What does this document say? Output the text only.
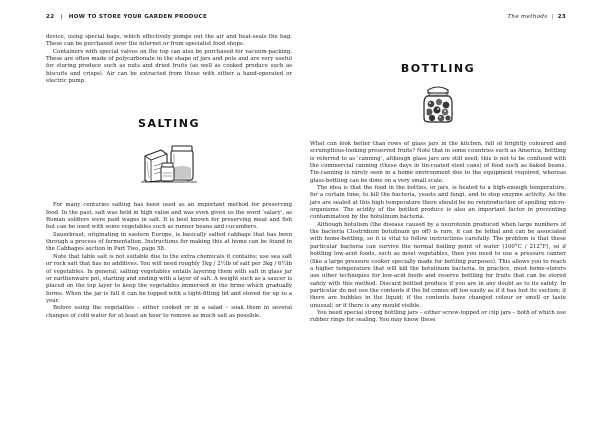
22 | HOW TO STORE YOUR GARDEN PRODUCE

device, using special bags, which effectively pumps out the air and heat-seals the bag. These can be purchased over the internet or from specialist food shops.

Containers with special valves on the top can also be purchased for vacuum-packing. These are often made of polycarbonate in the shape of jars and pots and are very useful for storing produce such as nuts and dried fruits (as well as cooked produce such as biscuits and crisps). Air can be extracted from these with either a hand-operated or electric pump.

SALTING

For many centuries salting has been used as an important method for preserving food. In the past, salt was held in high value and was even given us the word ‘salary’, as Roman soldiers were paid wages in salt. It is best known for preserving meat and fish but can be used with some vegetables such as runner beans and cucumbers.

Sauerkraut, originating in eastern Europe, is basically salted cabbage that has been through a process of fermentation. Instructions for making this at home can be found in the Cabbages section in Part Two, page 58.

Note that table salt is not suitable due to the extra chemicals it contains; use sea salt or rock salt that has no additives. You will need roughly 1kg / 2½lb of salt per 3kg / 6½lb of vegetables. In general, salting vegetables entails layering them with salt in glass jar or earthenware pot, starting and ending with a layer of salt. A weight such as a saucer is placed on the top layer to keep the vegetables immersed in the brine which gradually forms. When the jar is full it can be topped with a tight-fitting lid and stored for up to a year.

Before using the vegetables – either cooked or in a salad – soak them in several changes of cold water for at least an hour to remove as much salt as possible.

The methods | 23
BOTTLING

What can look better than rows of glass jars in the kitchen, full of brightly coloured and scrumptious-looking preserved fruits? Note that in some countries such as America, bottling is referred to as ‘canning’, although glass jars are still used; this is not to be confused with the commercial canning (these days in tin-coated steel cans) of food such as baked beans. Tin-canning is rarely seen in a home environment due to the equipment required, whereas glass-bottling can be done on a very small scale.

The idea is that the food in the bottles, or jars, is heated to a high-enough temperature, for a certain time, to kill the bacteria, yeasts and fungi, and to stop enzyme activity. As the jars are sealed at this high temperature there should be no reintroduction of spoiling micro-organisms. The acidity of the bottled produce is also an important factor in preventing contamination by the botulinum bacteria.

Although botulism (the disease caused by a neurotoxin produced when large numbers of the bacteria Clostridium botulinum go off) is rare, it can be lethal and can be associated with home-bottling, so it is vital to follow instructions carefully. The problem is that these particular bacteria can survive the normal boiling point of water (100°C / 212°F), so if bottling low-acid foods, such as most vegetables, then you need to use a pressure canner (like a large pressure cooker specially made for bottling purposes). This allows you to reach a higher temperature that will kill the botulinum bacteria. In practice, most home-storers use other techniques for low-acid foods and reserve bottling for fruits that can be stored safely with this method. Discard bottled produce if you are in any doubt as to its safety. In particular do not use the contents if the lid comes off too easily as if it has lost its suction; if there are bubbles in the liquid; if the contents have changed colour or smell or taste unusual; or if there is any mould visible.

You need special strong bottling jars – either screw-topped or clip jars – both of which use rubber rings for sealing. You may know these
